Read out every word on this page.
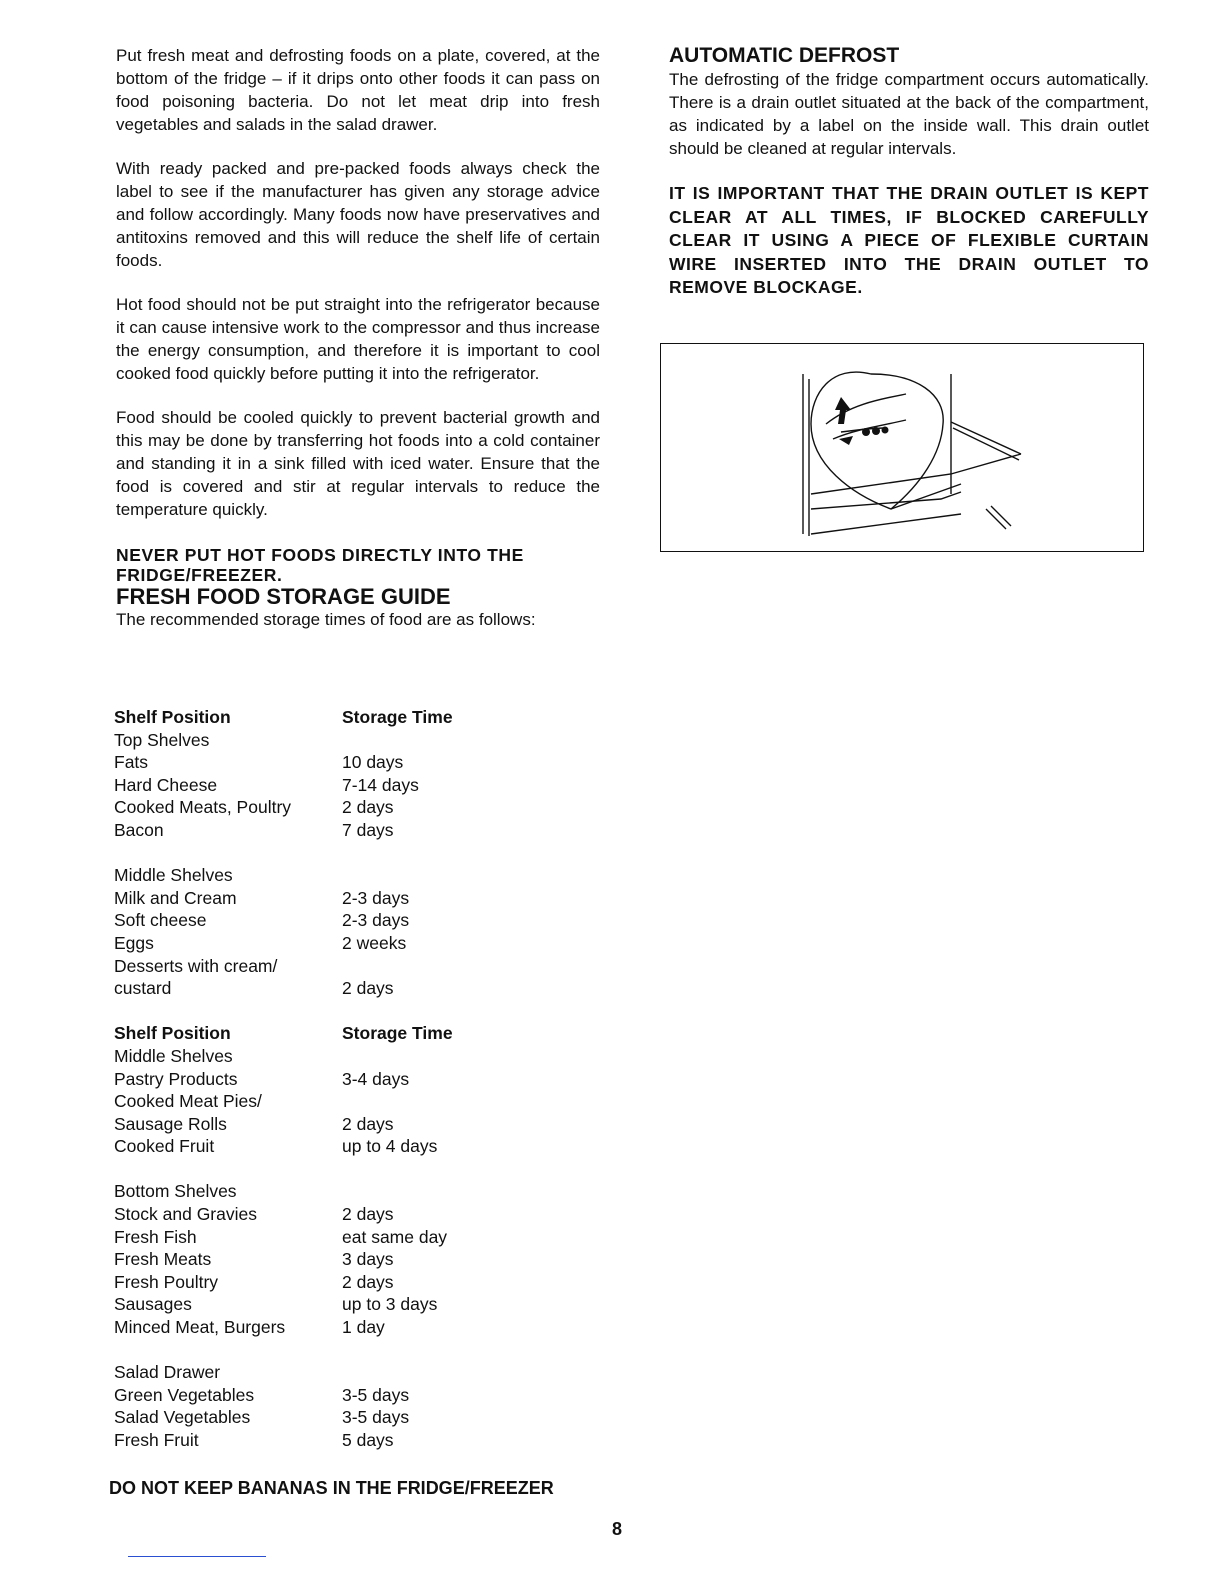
Put fresh meat and defrosting foods on a plate, covered, at the bottom of the fridge – if it drips onto other foods it can pass on food poisoning bacteria. Do not let meat drip into fresh vegetables and salads in the salad drawer.

With ready packed and pre-packed foods always check the label to see if the manufacturer has given any storage advice and follow accordingly. Many foods now have preservatives and antitoxins removed and this will reduce the shelf life of certain foods.

Hot food should not be put straight into the refrigerator because it can cause intensive work to the compressor and thus increase the energy consumption, and therefore it is important to cool cooked food quickly before putting it into the refrigerator.

Food should be cooled quickly to prevent bacterial growth and this may be done by transferring hot foods into a cold container and standing it in a sink filled with iced water. Ensure that the food is covered and stir at regular intervals to reduce the temperature quickly.

NEVER PUT HOT FOODS DIRECTLY INTO THE FRIDGE/FREEZER.
FRESH FOOD STORAGE GUIDE

The recommended storage times of food are as follows:

AUTOMATIC DEFROST

The defrosting of the fridge compartment occurs automatically. There is a drain outlet situated at the back of the compartment, as indicated by a label on the inside wall. This drain outlet should be cleaned at regular intervals.

IT IS IMPORTANT THAT THE DRAIN OUTLET IS KEPT CLEAR AT ALL TIMES, IF BLOCKED CAREFULLY CLEAR IT USING A PIECE OF FLEXIBLE CURTAIN WIRE INSERTED INTO THE DRAIN OUTLET TO REMOVE BLOCKAGE.
Shelf Position	Storage Time
Top Shelves
Fats	10 days
Hard Cheese	7-14 days
Cooked Meats, Poultry	2 days
Bacon	7 days
Middle Shelves
Milk and Cream	2-3 days
Soft cheese	2-3 days
Eggs	2 weeks
Desserts with cream/
custard	2 days
Shelf Position	Storage Time
Middle Shelves
Pastry Products	3-4 days
Cooked Meat Pies/
Sausage Rolls	2 days
Cooked Fruit	up to 4 days
Bottom Shelves
Stock and Gravies	2 days
Fresh Fish	eat same day
Fresh Meats	3 days
Fresh Poultry	2 days
Sausages	up to 3 days
Minced Meat, Burgers	1 day
Salad Drawer
Green Vegetables	3-5 days
Salad Vegetables	3-5 days
Fresh Fruit	5 days
DO NOT KEEP BANANAS IN THE FRIDGE/FREEZER
8
